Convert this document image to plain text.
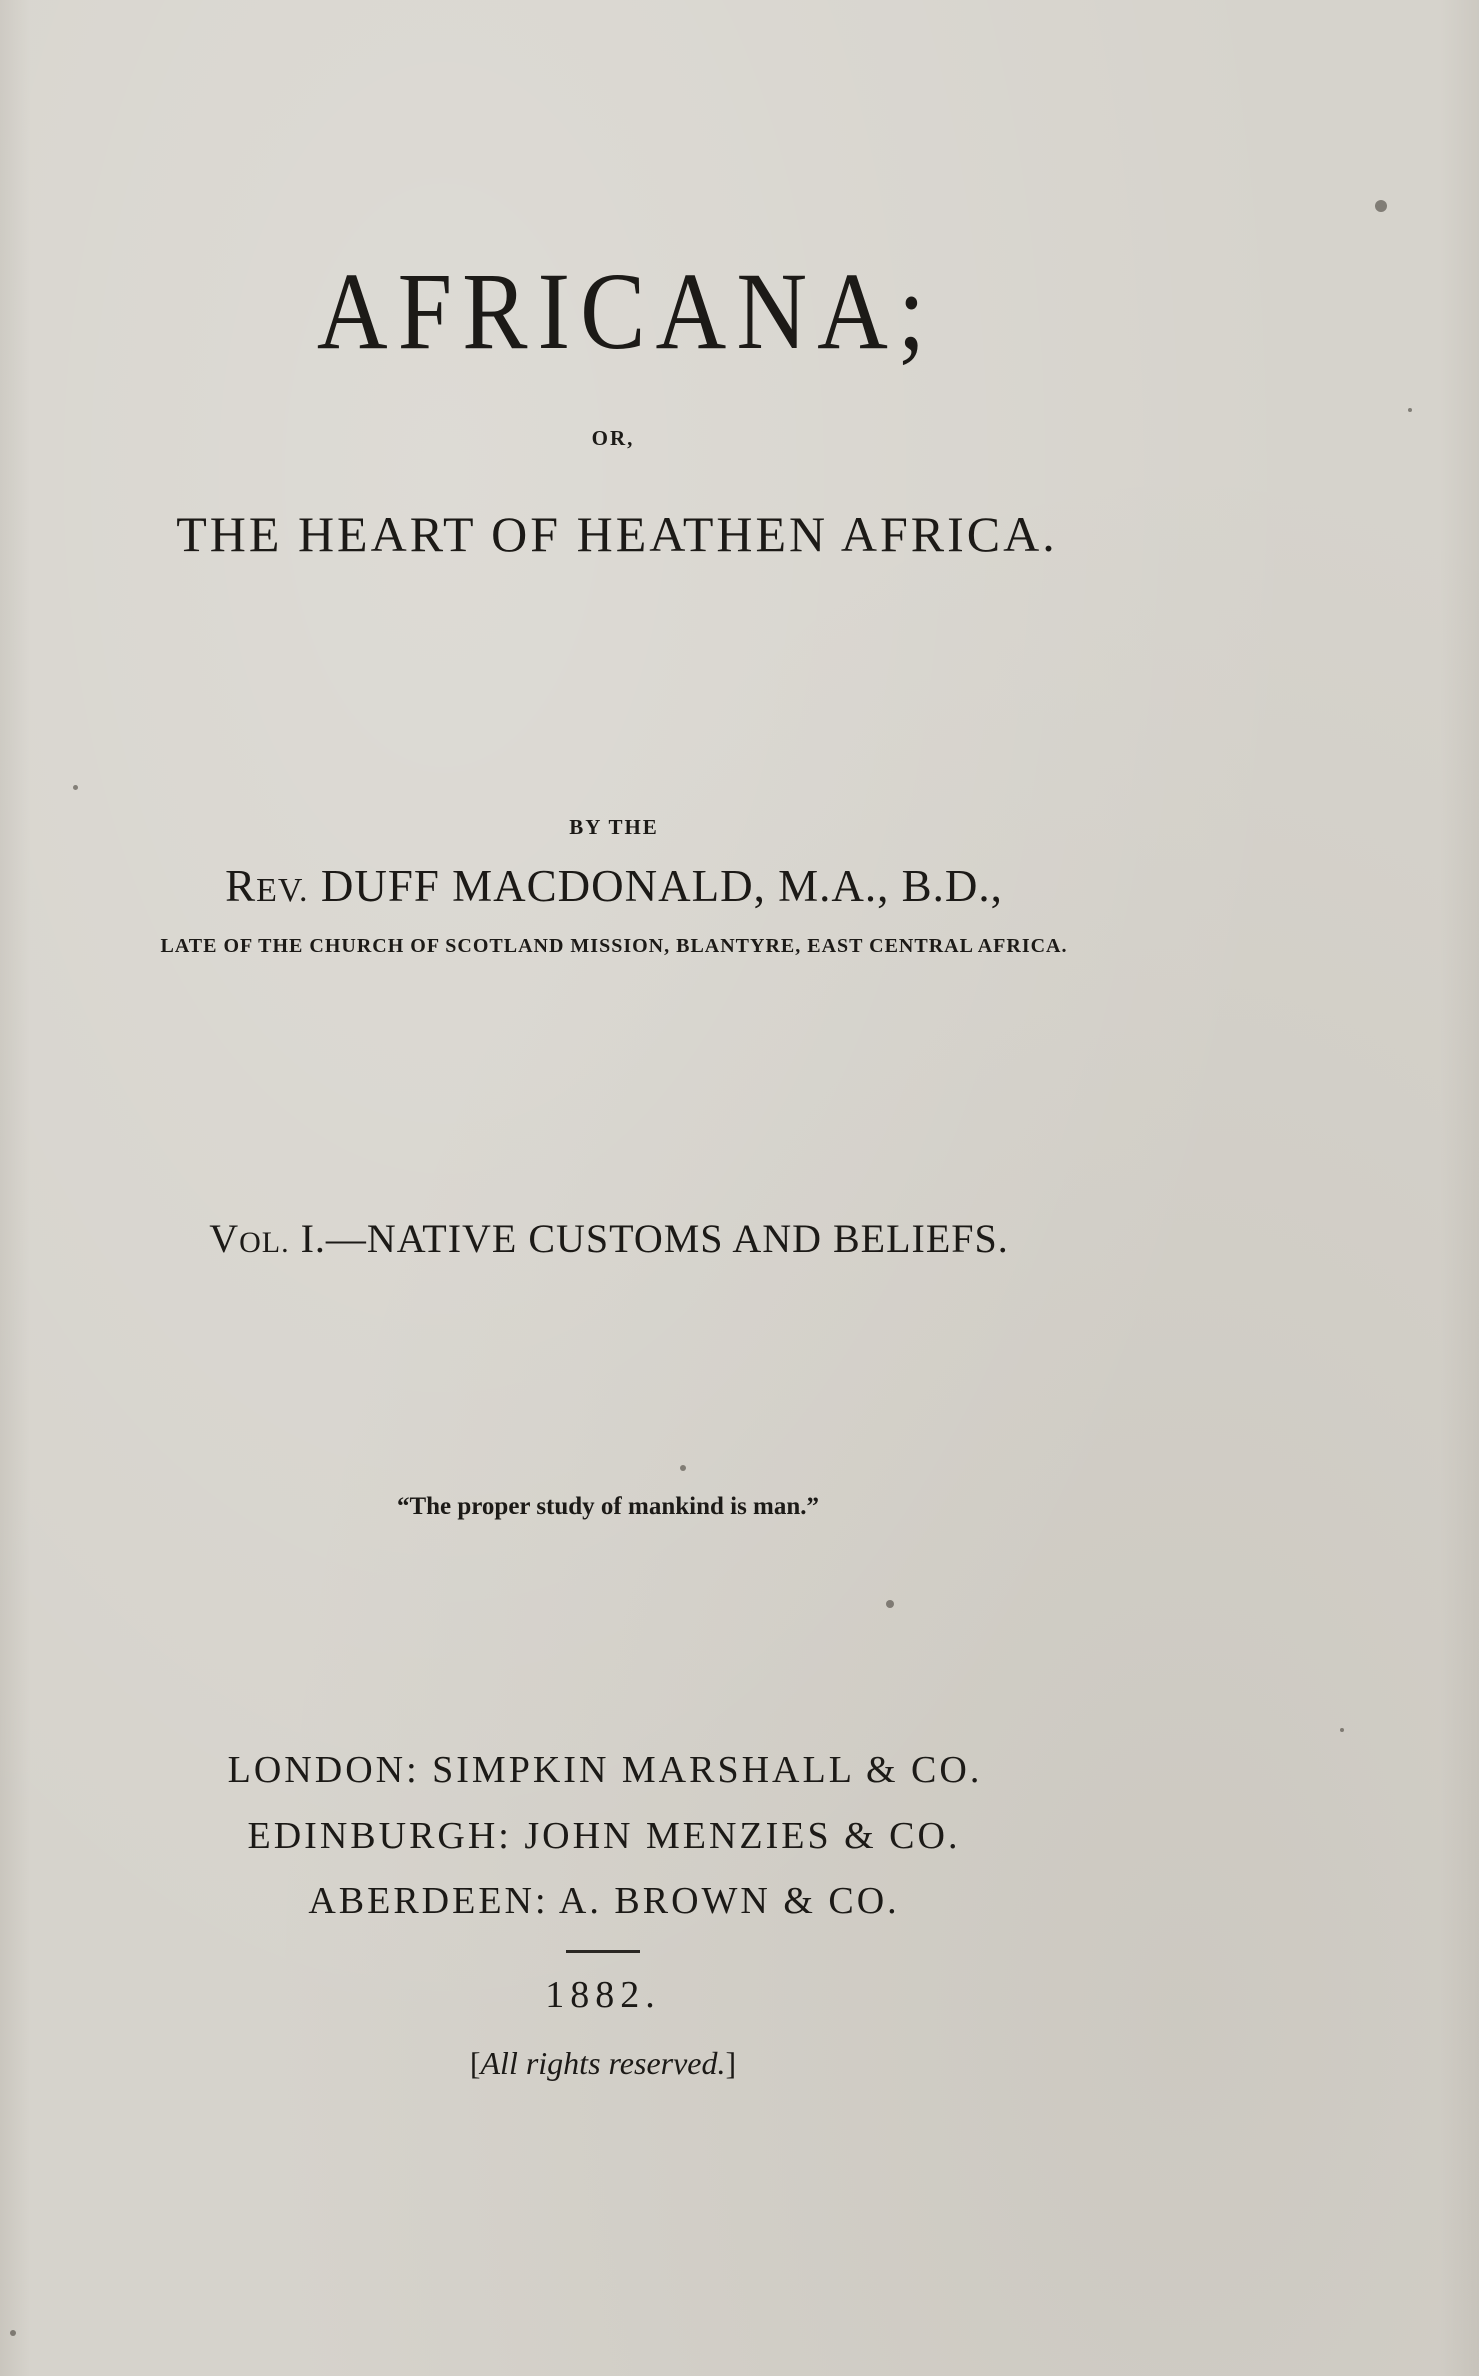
AFRICANA;
OR,
THE HEART OF HEATHEN AFRICA.
BY THE
REV. DUFF MACDONALD, M.A., B.D.,
LATE OF THE CHURCH OF SCOTLAND MISSION, BLANTYRE, EAST CENTRAL AFRICA.
VOL. I.—NATIVE CUSTOMS AND BELIEFS.
“The proper study of mankind is man.”
LONDON: SIMPKIN MARSHALL & CO.
EDINBURGH: JOHN MENZIES & CO.
ABERDEEN: A. BROWN & CO.
1882.
[All rights reserved.]
